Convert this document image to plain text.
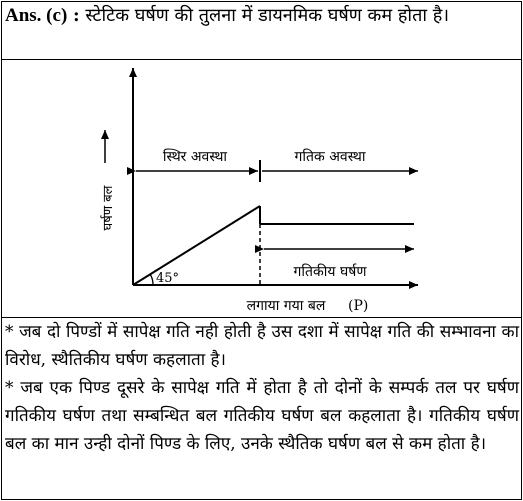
Ans. (c) : स्टेटिक घर्षण की तुलना में डायनमिक घर्षण कम होता है।
घर्षण बल
स्थिर अवस्था	गतिक अवस्था
गतिकीय घर्षण
45°
लगाया गया बल (P)

* जब दो पिण्डों में सापेक्ष गति नही होती है उस दशा में सापेक्ष गति की सम्भावना का विरोध, स्थैतिकीय घर्षण कहलाता है।

* जब एक पिण्ड दूसरे के सापेक्ष गति में होता है तो दोनों के सम्पर्क तल पर घर्षण गतिकीय घर्षण तथा सम्बन्धित बल गतिकीय घर्षण बल कहलाता है। गतिकीय घर्षण बल का मान उन्ही दोनों पिण्ड के लिए, उनके स्थैतिक घर्षण बल से कम होता है।
